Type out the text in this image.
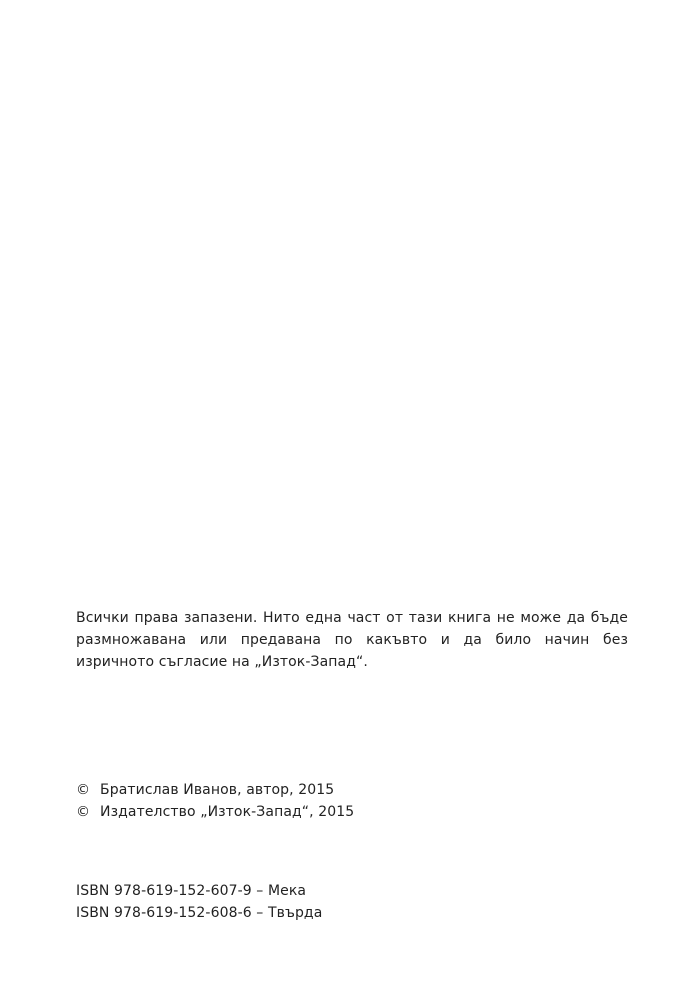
Всички права запазени. Нито една част от тази книга не може да бъде размножавана или предавана по какъвто и да било начин без изричното съгласие на „Изток-Запад“.

© Братислав Иванов, автор, 2015
© Издателство „Изток-Запад“, 2015
ISBN 978-619-152-607-9 – Мека
ISBN 978-619-152-608-6 – Твърда
